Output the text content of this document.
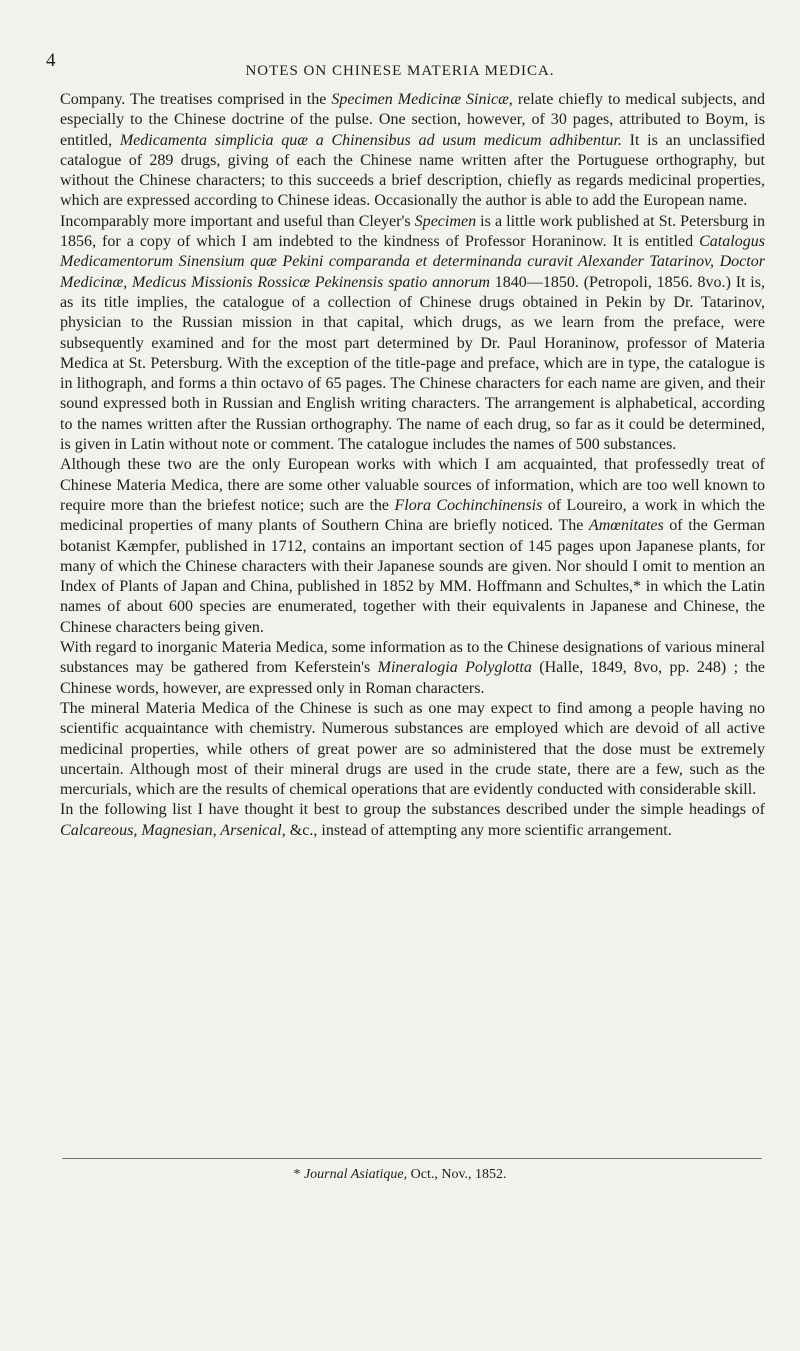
4	NOTES ON CHINESE MATERIA MEDICA.

Company. The treatises comprised in the Specimen Medicinæ Sinicæ, relate chiefly to medical subjects, and especially to the Chinese doctrine of the pulse. One section, however, of 30 pages, attributed to Boym, is entitled, Medicamenta simplicia quæ a Chinensibus ad usum medicum adhibentur. It is an unclassified catalogue of 289 drugs, giving of each the Chinese name written after the Portuguese orthography, but without the Chinese characters; to this succeeds a brief description, chiefly as regards medicinal properties, which are expressed according to Chinese ideas. Occasionally the author is able to add the European name.

Incomparably more important and useful than Cleyer's Specimen is a little work published at St. Petersburg in 1856, for a copy of which I am indebted to the kindness of Professor Horaninow. It is entitled Catalogus Medicamentorum Sinensium quæ Pekini comparanda et determinanda curavit Alexander Tatarinov, Doctor Medicinæ, Medicus Missionis Rossicæ Pekinensis spatio annorum 1840—1850. (Petropoli, 1856. 8vo.) It is, as its title implies, the catalogue of a collection of Chinese drugs obtained in Pekin by Dr. Tatarinov, physician to the Russian mission in that capital, which drugs, as we learn from the preface, were subsequently examined and for the most part determined by Dr. Paul Horaninow, professor of Materia Medica at St. Petersburg. With the exception of the title-page and preface, which are in type, the catalogue is in lithograph, and forms a thin octavo of 65 pages. The Chinese characters for each name are given, and their sound expressed both in Russian and English writing characters. The arrangement is alphabetical, according to the names written after the Russian orthography. The name of each drug, so far as it could be determined, is given in Latin without note or comment. The catalogue includes the names of 500 substances.

Although these two are the only European works with which I am acquainted, that professedly treat of Chinese Materia Medica, there are some other valuable sources of information, which are too well known to require more than the briefest notice; such are the Flora Cochinchinensis of Loureiro, a work in which the medicinal properties of many plants of Southern China are briefly noticed. The Amœnitates of the German botanist Kæmpfer, published in 1712, contains an important section of 145 pages upon Japanese plants, for many of which the Chinese characters with their Japanese sounds are given. Nor should I omit to mention an Index of Plants of Japan and China, published in 1852 by MM. Hoffmann and Schultes,* in which the Latin names of about 600 species are enumerated, together with their equivalents in Japanese and Chinese, the Chinese characters being given.

With regard to inorganic Materia Medica, some information as to the Chinese designations of various mineral substances may be gathered from Keferstein's Mineralogia Polyglotta (Halle, 1849, 8vo, pp. 248) ; the Chinese words, however, are expressed only in Roman characters.

The mineral Materia Medica of the Chinese is such as one may expect to find among a people having no scientific acquaintance with chemistry. Numerous substances are employed which are devoid of all active medicinal properties, while others of great power are so administered that the dose must be extremely uncertain. Although most of their mineral drugs are used in the crude state, there are a few, such as the mercurials, which are the results of chemical operations that are evidently conducted with considerable skill.

In the following list I have thought it best to group the substances described under the simple headings of Calcareous, Magnesian, Arsenical, &c., instead of attempting any more scientific arrangement.

* Journal Asiatique, Oct., Nov., 1852.
